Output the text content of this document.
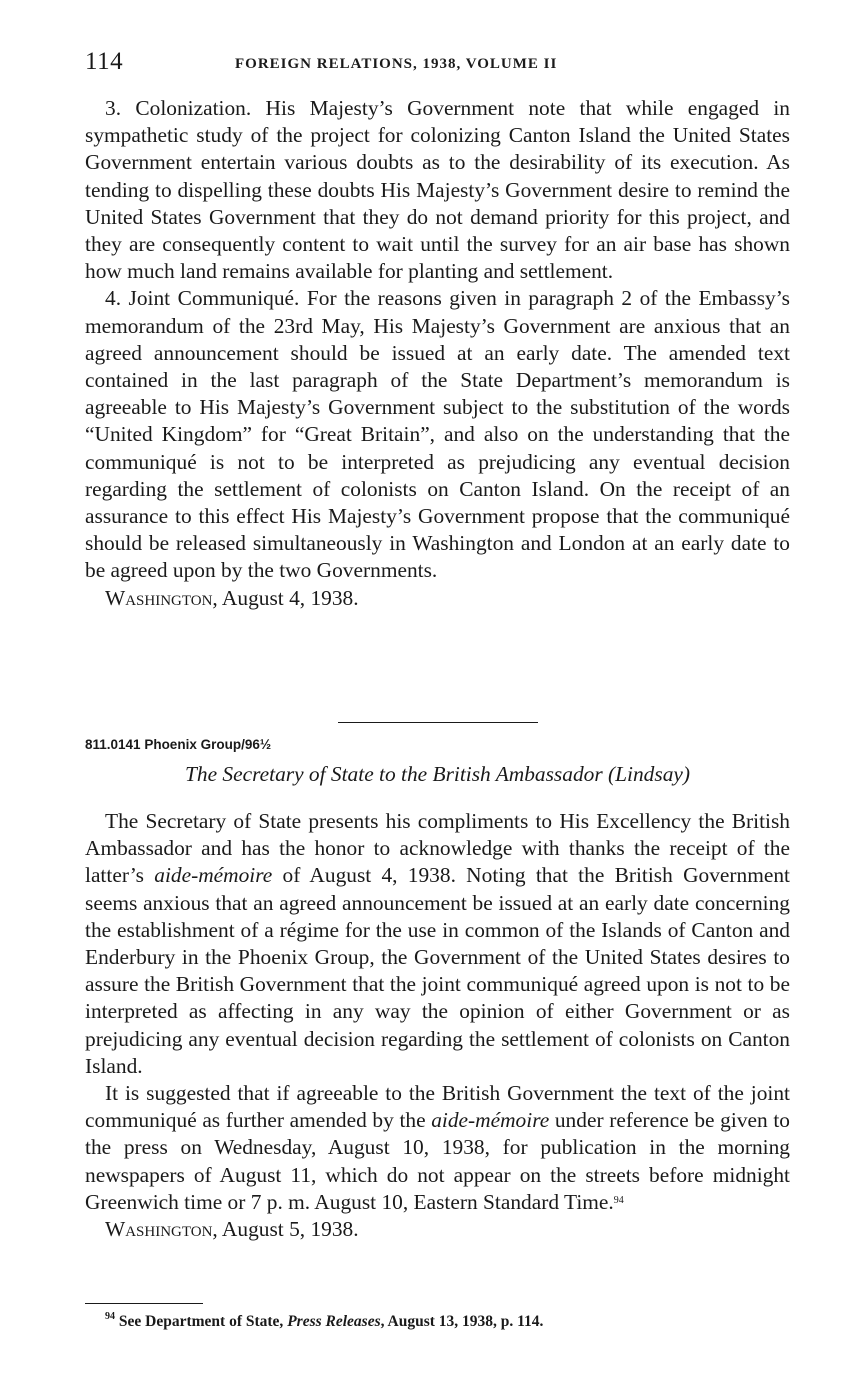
114	FOREIGN RELATIONS, 1938, VOLUME II

3. Colonization. His Majesty’s Government note that while engaged in sympathetic study of the project for colonizing Canton Island the United States Government entertain various doubts as to the desirability of its execution. As tending to dispelling these doubts His Majesty’s Government desire to remind the United States Government that they do not demand priority for this project, and they are consequently content to wait until the survey for an air base has shown how much land remains available for planting and settlement.

4. Joint Communiqué. For the reasons given in paragraph 2 of the Embassy’s memorandum of the 23rd May, His Majesty’s Government are anxious that an agreed announcement should be issued at an early date. The amended text contained in the last paragraph of the State Department’s memorandum is agreeable to His Majesty’s Government subject to the substitution of the words “United Kingdom” for “Great Britain”, and also on the understanding that the communiqué is not to be interpreted as prejudicing any eventual decision regarding the settlement of colonists on Canton Island. On the receipt of an assurance to this effect His Majesty’s Government propose that the communiqué should be released simultaneously in Washington and London at an early date to be agreed upon by the two Governments.

Washington, August 4, 1938.

811.0141 Phoenix Group/96½
The Secretary of State to the British Ambassador (Lindsay)

The Secretary of State presents his compliments to His Excellency the British Ambassador and has the honor to acknowledge with thanks the receipt of the latter’s aide-mémoire of August 4, 1938. Noting that the British Government seems anxious that an agreed announcement be issued at an early date concerning the establishment of a régime for the use in common of the Islands of Canton and Enderbury in the Phoenix Group, the Government of the United States desires to assure the British Government that the joint communiqué agreed upon is not to be interpreted as affecting in any way the opinion of either Government or as prejudicing any eventual decision regarding the settlement of colonists on Canton Island.

It is suggested that if agreeable to the British Government the text of the joint communiqué as further amended by the aide-mémoire under reference be given to the press on Wednesday, August 10, 1938, for publication in the morning newspapers of August 11, which do not appear on the streets before midnight Greenwich time or 7 p. m. August 10, Eastern Standard Time.$^{94}$

Washington, August 5, 1938.

$^{94}$ See Department of State, Press Releases, August 13, 1938, p. 114.
